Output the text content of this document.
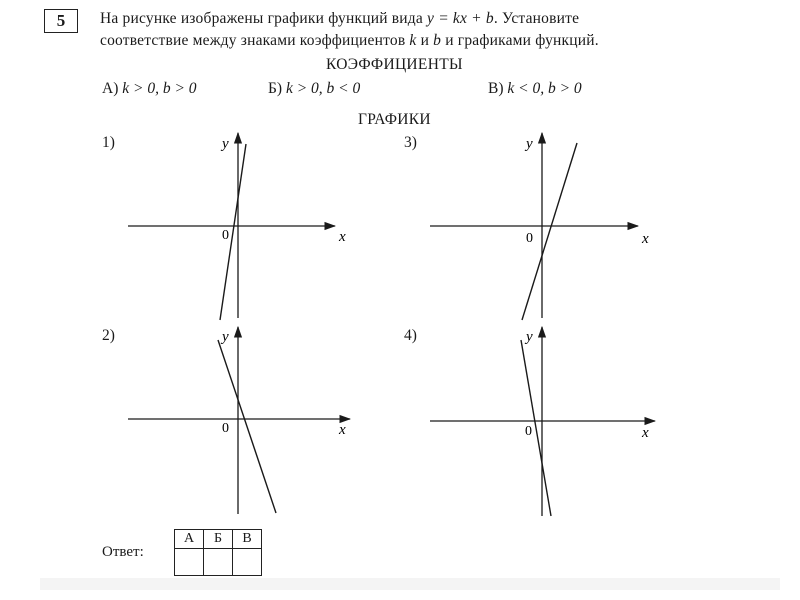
5	На рисунке изображены графики функций вида y = kx + b. Установите
соответствие между знаками коэффициентов k и b и графиками функций.
КОЭФФИЦИЕНТЫ
А) k > 0, b > 0	Б) k > 0, b < 0	В) k < 0, b > 0
ГРАФИКИ
1)
2)
3)
4)
y
x
0
y
x
0
y
x
0
y
x
0
Ответ:
А	Б	В
